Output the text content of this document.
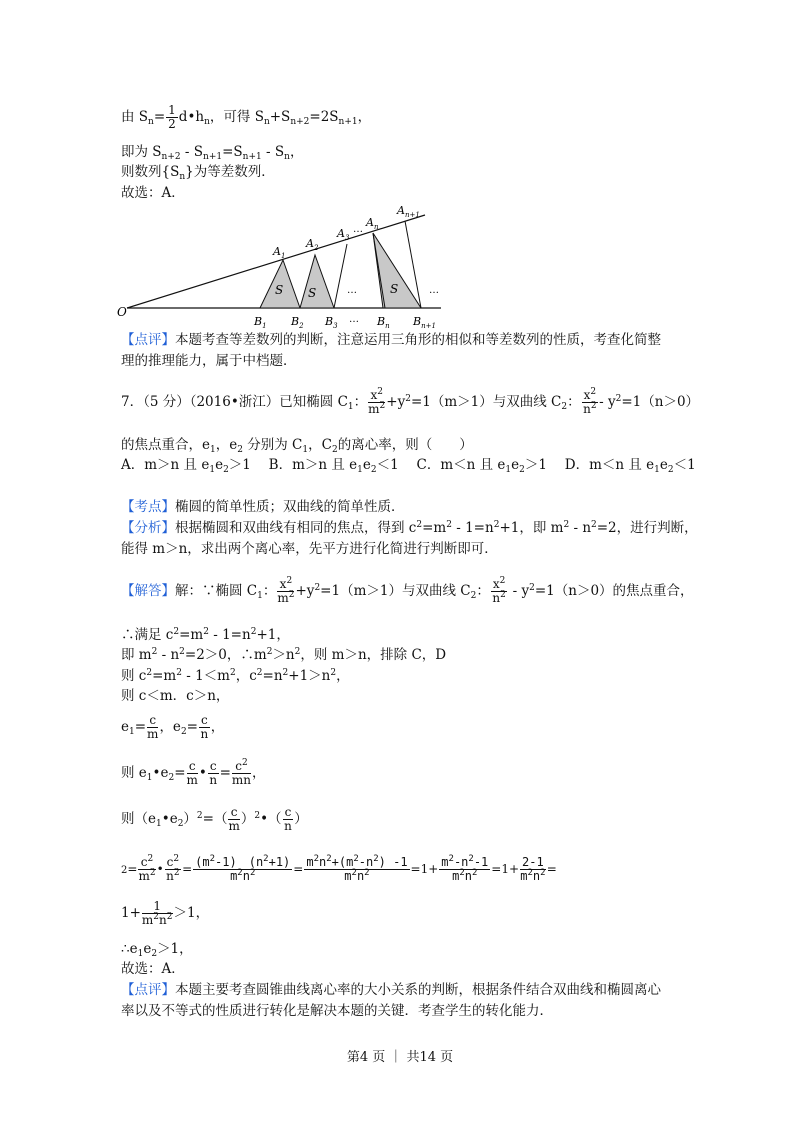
由 $S_n= \frac{1}{2}$ $d•h_n$，可得 $S_n+S_{n+2}=2S_{n+1}$，
即为 $S_{n+2} - S_{n+1}=S_{n+1} - S_n$，
则数列$\{S_n\}$为等差数列．
故选：A．
O
$A_1$
$A_2$
$A_3$
…
$A_n$
$A_{n+1}$
S S	…	S	…
$B_1$ $B_2$ $B_3$
… $B_n$ $B_{n+1}$
【点评】本题考查等差数列的判断，注意运用三角形的相似和等差数列的性质，考查化简整
理的推理能力，属于中档题．
7．（5 分）（2016•浙江）已知椭圆 $C_1$： $\frac{x^2}{m^2} +y^2=1(m>1)$与双曲线 $C_2$： $\frac{x^2}{n^2} - y^2=1(n>0)$
的焦点重合，$e_1$，$e_2$ 分别为 $C_1$，$C_2$的离心率，则（　　）
A．m＞n 且 $e_1e_2>1$　 B．m＞n 且 $e_1e_2<1$　 C．m＜n 且 $e_1e_2>1$　 D．m＜n 且 $e_1e_2<1$
【考点】椭圆的简单性质；双曲线的简单性质．
【分析】根据椭圆和双曲线有相同的焦点，得到 $c^2=m^2 - 1=n^2+1$，即 $m^2 - n^2=2$，进行判断，
能得 m＞n，求出两个离心率，先平方进行化简进行判断即可．
【解答】解：∵椭圆 $C_1$： $\frac{x^2}{m^2} +y^2=1(m>1)$与双曲线 $C_2$： $\frac{x^2}{n^2} - y^2=1(n>0)$的焦点重合，
∴满足 $c^2=m^2 - 1=n^2+1$，
即 $m^2 - n^2=2>0$，$\therefore m^2>n^2$，则 m＞n，排除 C，D
则 $c^2=m^2 - 1<m^2$，$c^2=n^2+1>n^2$，
则 c＜m．c＞n，
$e_1= \frac{c}{m}$ ，$e_2= \frac{c}{n}$ ，
则 $e_1•e_2= \frac{c}{m}$ • $\frac{c}{n} = \frac{c^2}{mn}$ ，
则$(e_1•e_2)^2=( \frac{c}{m}$ ）$^2$•（ $\frac{c}{n}$ ）
$2= \frac{c^2}{m^2}$ • $\frac{c^2}{n^2} = \frac{(m^2-1) (n^2+1)}{m^2n^2} = \frac{m^2n^2+(m^2-n^2) -1}{m^2n^2} =1+ \frac{m^2-n^2-1}{m^2n^2} =1+ \frac{2-1}{m^2n^2}$ =
$1+ \frac{1}{m^2n^2} >1$，
$\therefore e_1e_2>1$，
故选：A．
【点评】本题主要考查圆锥曲线离心率的大小关系的判断，根据条件结合双曲线和椭圆离心
率以及不等式的性质进行转化是解决本题的关键．考查学生的转化能力．
第4 页 ｜ 共14 页
